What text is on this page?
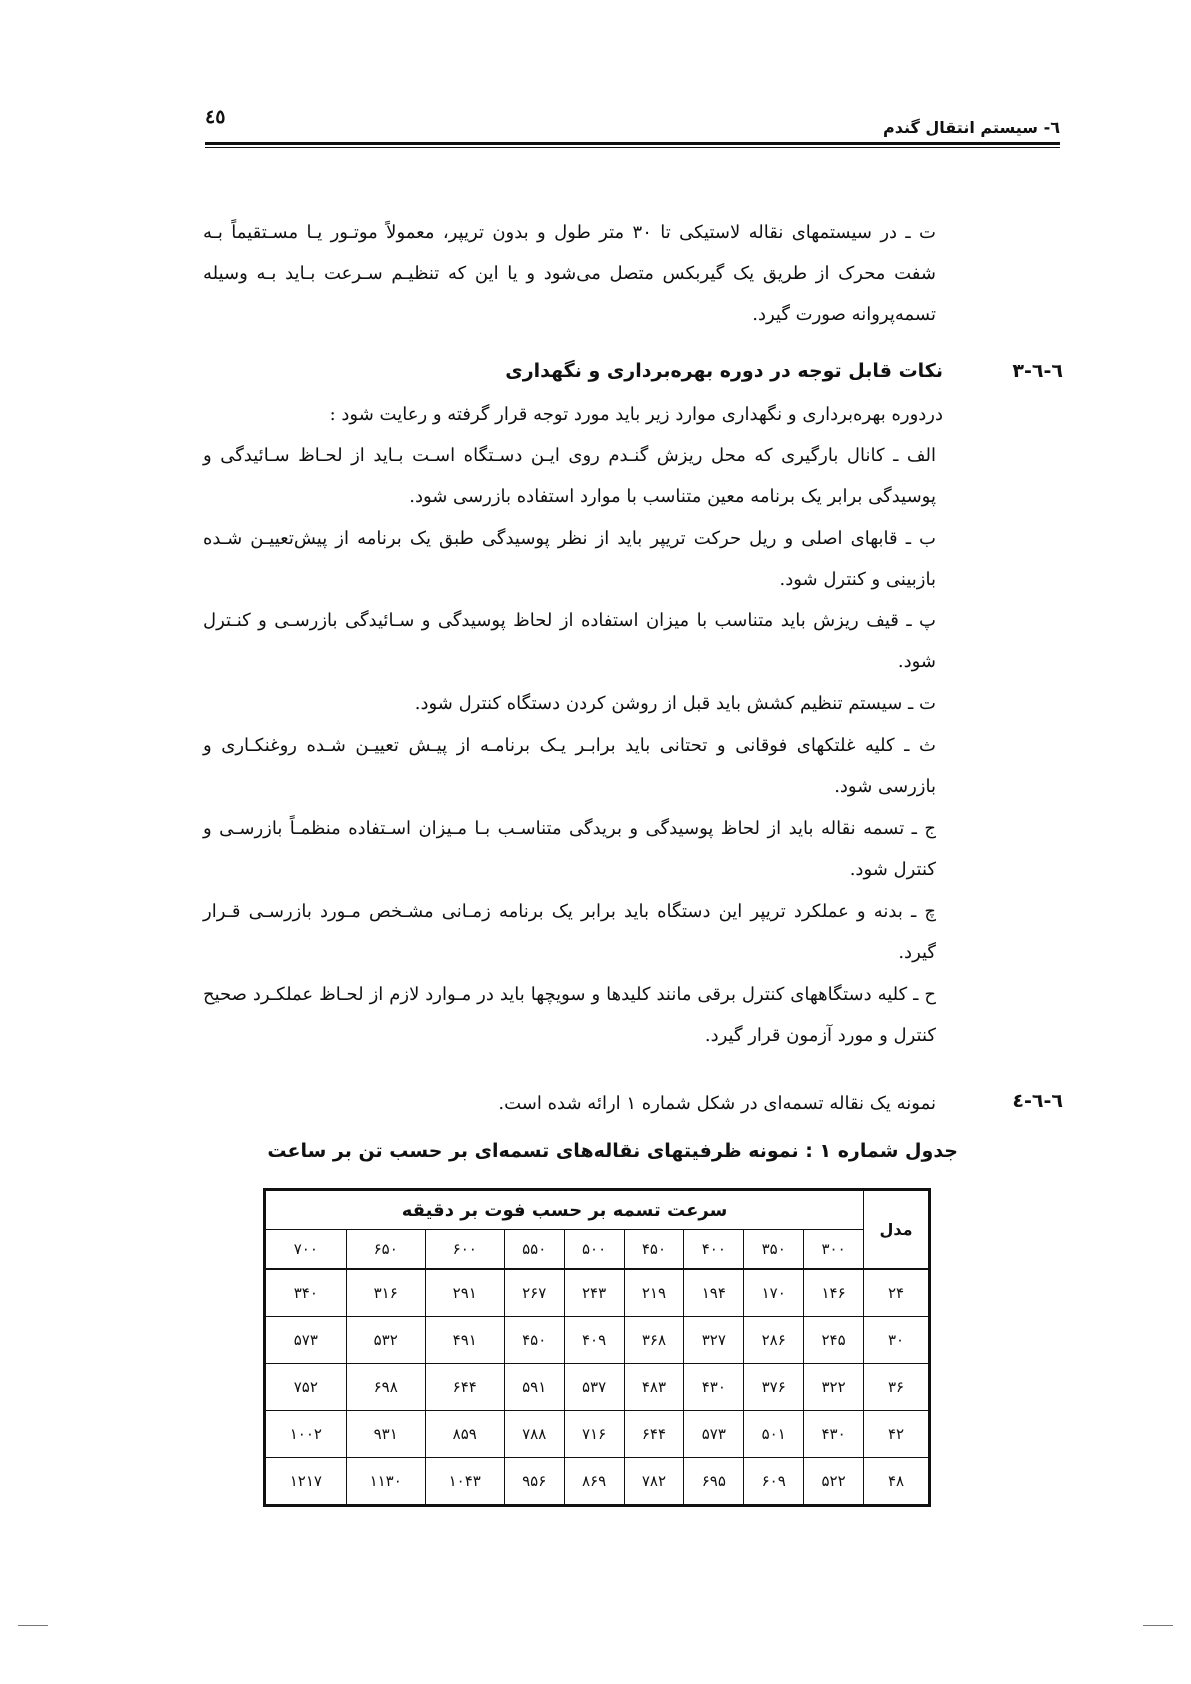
٤٥	٦- سیستم انتقال گندم
ت ـ در سیستمهای نقاله لاستیکی تا ۳۰ متر طول و بدون تریپر، معمولاً موتـور یـا مسـتقیماً بـه شفت محرک از طریق یک گیربکس متصل می‌شود و یا این که تنظیـم سـرعت بـاید بـه وسیله تسمه‌پروانه صورت گیرد.
٦-٦-٣
نکات قابل توجه در دوره بهره‌برداری و نگهداری
دردوره بهره‌برداری و نگهداری موارد زیر باید مورد توجه قرار گرفته و رعایت شود :
الف ـ کانال بارگیری که محل ریزش گنـدم روی ایـن دسـتگاه اسـت بـاید از لحـاظ سـائیدگی و پوسیدگی برابر یک برنامه معین متناسب با موارد استفاده بازرسی شود.
ب ـ قابهای اصلی و ریل حرکت تریپر باید از نظر پوسیدگی طبق یک برنامه از پیش‌تعییـن شـده بازبینی و کنترل شود.
پ ـ قیف ریزش باید متناسب با میزان استفاده از لحاظ پوسیدگی و سـائیدگی بازرسـی و کنـترل شود.
ت ـ سیستم تنظیم کشش باید قبل از روشن کردن دستگاه کنترل شود.
ث ـ کلیه غلتکهای فوقانی و تحتانی باید برابـر یـک برنامـه از پیـش تعییـن شـده روغنکـاری و بازرسی شود.
ج ـ تسمه نقاله باید از لحاظ پوسیدگی و بریدگی متناسـب بـا مـیزان اسـتفاده منظمـاً بازرسـی و کنترل شود.
چ ـ بدنه و عملکرد تریپر این دستگاه باید برابر یک برنامه زمـانی مشـخص مـورد بازرسـی قـرار گیرد.
ح ـ کلیه دستگاههای کنترل برقی مانند کلیدها و سویچها باید در مـوارد لازم از لحـاظ عملکـرد صحیح کنترل و مورد آزمون قرار گیرد.
٦-٦-٤
نمونه یک نقاله تسمه‌ای در شکل شماره ۱ ارائه شده است.
جدول شماره ۱ : نمونه ظرفیتهای نقاله‌های تسمه‌ای بر حسب تن بر ساعت
مدل	سرعت تسمه بر حسب فوت بر دقیقه								
	۳۰۰	۳۵۰	۴۰۰	۴۵۰	۵۰۰	۵۵۰	۶۰۰	۶۵۰	۷۰۰
۲۴	۱۴۶	۱۷۰	۱۹۴	۲۱۹	۲۴۳	۲۶۷	۲۹۱	۳۱۶	۳۴۰
۳۰	۲۴۵	۲۸۶	۳۲۷	۳۶۸	۴۰۹	۴۵۰	۴۹۱	۵۳۲	۵۷۳
۳۶	۳۲۲	۳۷۶	۴۳۰	۴۸۳	۵۳۷	۵۹۱	۶۴۴	۶۹۸	۷۵۲
۴۲	۴۳۰	۵۰۱	۵۷۳	۶۴۴	۷۱۶	۷۸۸	۸۵۹	۹۳۱	۱۰۰۲
۴۸	۵۲۲	۶۰۹	۶۹۵	۷۸۲	۸۶۹	۹۵۶	۱۰۴۳	۱۱۳۰	۱۲۱۷
